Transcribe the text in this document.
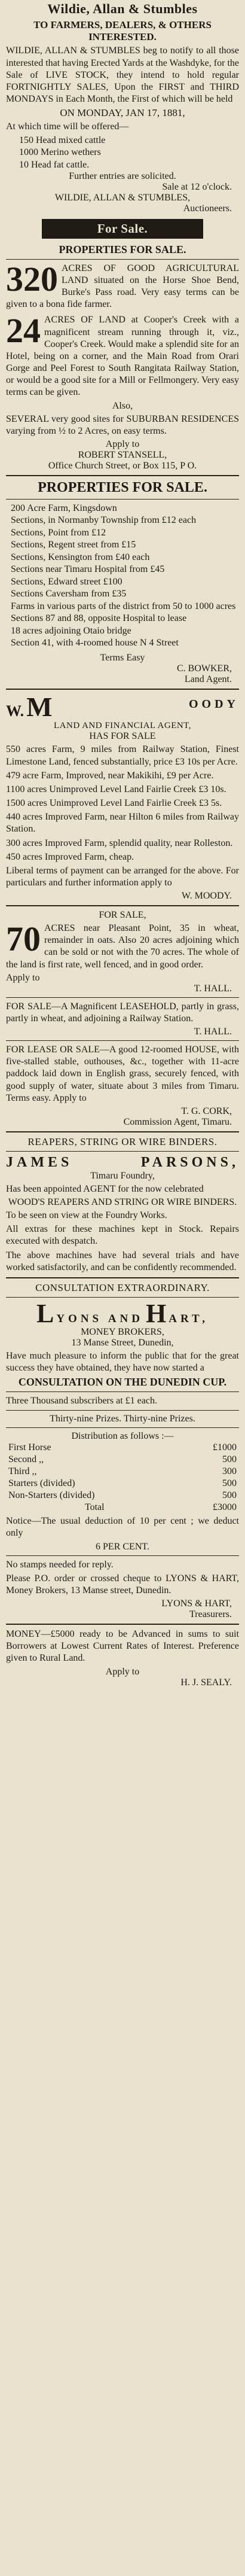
Wildie, Allan & Stumbles
TO FARMERS, DEALERS, & OTHERS INTERESTED.

WILDIE, ALLAN & STUMBLES beg to notify to all those interested that having Erected Yards at the Washdyke, for the Sale of LIVE STOCK, they intend to hold regular FORTNIGHTLY SALES, Upon the FIRST and THIRD MONDAYS in Each Month, the First of which will be held

ON MONDAY, JAN 17, 1881,

At which time will be offered—

150 Head mixed cattle
1000 Merino wethers
10 Head fat cattle.
Further entries are solicited.
Sale at 12 o'clock.
WILDIE, ALLAN & STUMBLES,
Auctioneers.
For Sale.
PROPERTIES FOR SALE.
320 ACRES OF GOOD AGRICULTURAL LAND situated on the Horse Shoe Bend, Burke's Pass road. Very easy terms can be given to a bona fide farmer.

24 ACRES OF LAND at Cooper's Creek with a magnificent stream running through it, viz., Cooper's Creek. Would make a splendid site for an Hotel, being on a corner, and the Main Road from Orari Gorge and Peel Forest to South Rangitata Railway Station, or would be a good site for a Mill or Fellmongery. Very easy terms can be given.

Also,

SEVERAL very good sites for SUBURBAN RESIDENCES varying from ½ to 2 Acres, on easy terms.

Apply to
ROBERT STANSELL,
Office Church Street, or Box 115, P O.
PROPERTIES FOR SALE.
200 Acre Farm, Kingsdown
Sections, in Normanby Township from £12 each
Sections, Point from £12
Sections, Regent street from £15
Sections, Kensington from £40 each
Sections near Timaru Hospital from £45
Sections, Edward street £100
Sections Caversham from £35
Farms in various parts of the district from 50 to 1000 acres
Sections 87 and 88, opposite Hospital to lease
18 acres adjoining Otaio bridge
Section 41, with 4-roomed house N 4 Street
Terms Easy
C. BOWKER,
Land Agent.
W. M	OODY
LAND AND FINANCIAL AGENT,
HAS FOR SALE

550 acres Farm, 9 miles from Railway Station, Finest Limestone Land, fenced substantially, price £3 10s per Acre.

479 acre Farm, Improved, near Makikihi, £9 per Acre.

1100 acres Unimproved Level Land Fairlie Creek £3 10s.

1500 acres Unimproved Level Land Fairlie Creek £3 5s.

440 acres Improved Farm, near Hilton 6 miles from Railway Station.

300 acres Improved Farm, splendid quality, near Rolleston.

450 acres Improved Farm, cheap.

Liberal terms of payment can be arranged for the above. For particulars and further information apply to

W. MOODY.
FOR SALE,
70 ACRES near Pleasant Point, 35 in wheat, remainder in oats. Also 20 acres adjoining which can be sold or not with the 70 acres. The whole of the land is first rate, well fenced, and in good order.

Apply to
T. HALL.

FOR SALE—A Magnificent LEASEHOLD, partly in grass, partly in wheat, and adjoining a Railway Station.

T. HALL.

FOR LEASE OR SALE—A good 12-roomed HOUSE, with five-stalled stable, outhouses, &c., together with 11-acre paddock laid down in English grass, securely fenced, with good supply of water, situate about 3 miles from Timaru. Terms easy. Apply to

T. G. CORK,
Commission Agent, Timaru.
REAPERS, STRING OR WIRE BINDERS.
JAMES	PARSONS,
Timaru Foundry,

Has been appointed AGENT for the now celebrated

WOOD'S REAPERS AND STRING OR WIRE BINDERS.

To be seen on view at the Foundry Works.

All extras for these machines kept in Stock. Repairs executed with despatch.

The above machines have had several trials and have worked satisfactorily, and can be confidently recommended.

CONSULTATION EXTRAORDINARY.
L YONS AND H ART,
MONEY BROKERS,
13 Manse Street, Dunedin,

Have much pleasure to inform the public that for the great success they have obtained, they have now started a

CONSULTATION ON THE DUNEDIN CUP.

Three Thousand subscribers at £1 each.

Thirty-nine Prizes. Thirty-nine Prizes.
Distribution as follows :—
First Horse	£1000
Second ,,	500
Third ,,	300
Starters (divided)	500
Non-Starters (divided)	500
Total	£3000

Notice—The usual deduction of 10 per cent ; we deduct only

6 PER CENT.

No stamps needed for reply.

Please P.O. order or crossed cheque to LYONS & HART, Money Brokers, 13 Manse street, Dunedin.

LYONS & HART,
Treasurers.

MONEY—£5000 ready to be Advanced in sums to suit Borrowers at Lowest Current Rates of Interest. Preference given to Rural Land.

Apply to
H. J. SEALY.
